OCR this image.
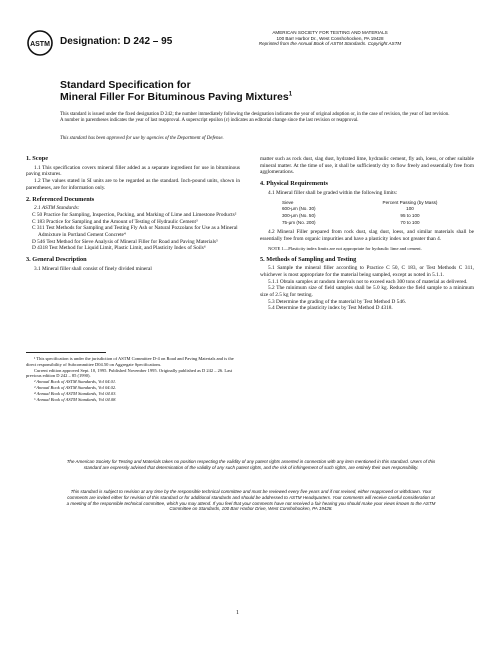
ASTM Designation: D 242 – 95
AMERICAN SOCIETY FOR TESTING AND MATERIALS
100 Barr Harbor Dr., West Conshohocken, PA 19428
Reprinted from the Annual Book of ASTM Standards. Copyright ASTM
Standard Specification for
Mineral Filler For Bituminous Paving Mixtures$^1$
This standard is issued under the fixed designation D 242; the number immediately following the designation indicates the year of original adoption or, in the case of revision, the year of last revision. A number in parentheses indicates the year of last reapproval. A superscript epsilon (ε) indicates an editorial change since the last revision or reapproval.
This standard has been approved for use by agencies of the Department of Defense.
1. Scope
1.1 This specification covers mineral filler added as a separate ingredient for use in bituminous paving mixtures.
1.2 The values stated in SI units are to be regarded as the standard. Inch-pound units, shown in parentheses, are for information only.
2. Referenced Documents
2.1 ASTM Standards:
C 50 Practice for Sampling, Inspection, Packing, and Marking of Lime and Limestone Products²
C 183 Practice for Sampling and the Amount of Testing of Hydraulic Cement³
C 311 Test Methods for Sampling and Testing Fly Ash or Natural Pozzolans for Use as a Mineral Admixture in Portland Cement Concrete⁴
D 546 Test Method for Sieve Analysis of Mineral Filler for Road and Paving Materials⁵
D 4318 Test Method for Liquid Limit, Plastic Limit, and Plasticity Index of Soils⁶
3. General Description
3.1 Mineral filler shall consist of finely divided mineral
¹ This specification is under the jurisdiction of ASTM Committee D-4 on Road and Paving Materials and is the direct responsibility of Subcommittee D04.50 on Aggregate Specifications.
Current edition approved Sept. 10, 1995. Published November 1995. Originally published as D 242 – 26. Last previous edition D 242 – 85 (1990).
² Annual Book of ASTM Standards, Vol 04.01.
³ Annual Book of ASTM Standards, Vol 04.02.
⁴ Annual Book of ASTM Standards, Vol 04.03.
⁵ Annual Book of ASTM Standards, Vol 04.08.
matter such as rock dust, slag dust, hydrated lime, hydraulic cement, fly ash, loess, or other suitable mineral matter. At the time of use, it shall be sufficiently dry to flow freely and essentially free from agglomerations.
4. Physical Requirements
4.1 Mineral filler shall be graded within the following limits:
Sieve	Percent Passing (by Mass)
600-μm (No. 30)	100
300-μm (No. 50)	95 to 100
75-μm (No. 200)	70 to 100
4.2 Mineral Filler prepared from rock dust, slag dust, loess, and similar materials shall be essentially free from organic impurities and have a plasticity index not greater than 4.
NOTE 1—Plasticity index limits are not appropriate for hydraulic lime and cement.
5. Methods of Sampling and Testing
5.1 Sample the mineral filler according to Practice C 50, C 183, or Test Methods C 311, whichever is most appropriate for the material being sampled, except as noted in 5.1.1.
5.1.1 Obtain samples at random intervals not to exceed each 300 tons of material as delivered.
5.2 The minimum size of field samples shall be 5.0 kg. Reduce the field sample to a minimum size of 2.5 kg for testing.
5.3 Determine the grading of the material by Test Method D 546.
5.4 Determine the plasticity index by Test Method D 4318.
The American Society for Testing and Materials takes no position respecting the validity of any patent rights asserted in connection with any item mentioned in this standard. Users of this standard are expressly advised that determination of the validity of any such patent rights, and the risk of infringement of such rights, are entirely their own responsibility.
This standard is subject to revision at any time by the responsible technical committee and must be reviewed every five years and if not revised, either reapproved or withdrawn. Your comments are invited either for revision of this standard or for additional standards and should be addressed to ASTM Headquarters. Your comments will receive careful consideration at a meeting of the responsible technical committee, which you may attend. If you feel that your comments have not received a fair hearing you should make your views known to the ASTM Committee on Standards, 100 Barr Harbor Drive, West Conshohocken, PA 19428.
1
